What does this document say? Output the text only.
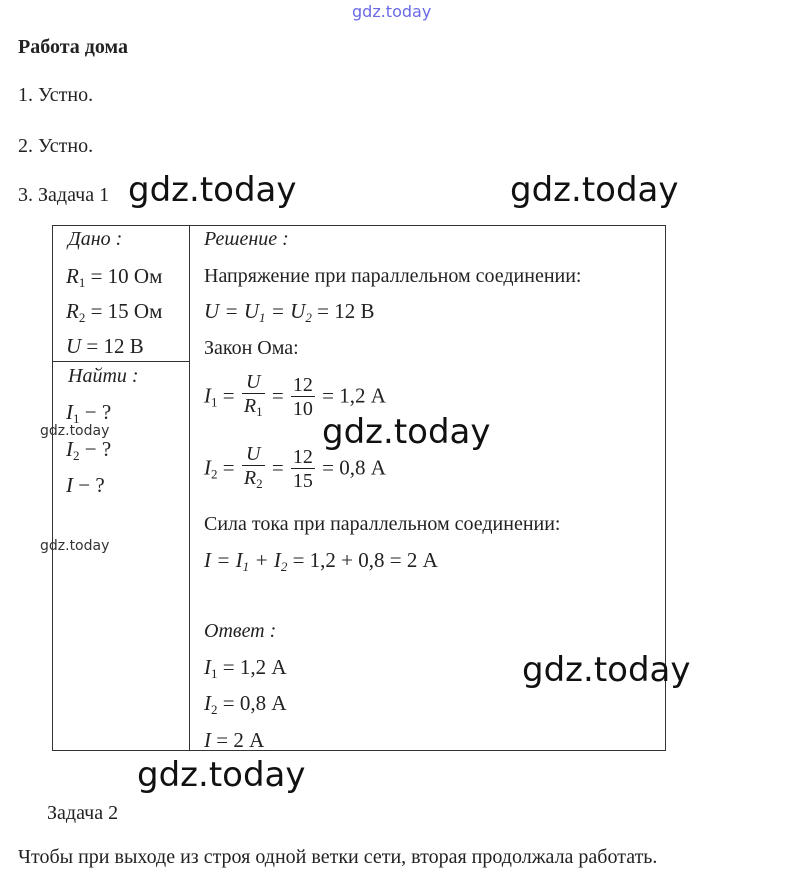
gdz.today
Работа дома
1. Устно.
2. Устно.
3. Задача 1 gdz.today	gdz.today
Дано :
$R_1 = 10$ Ом
$R_2 = 15$ Ом
U = 12 В
Найти :
$I_1$ − ?
$I_2$ − ?
I − ?
gdz.today
gdz.today
Решение :
Напряжение при параллельном соединении:
$U = U_1 = U_2 = 12$ В
Закон Ома:
$I_1 = \frac{U}{R_1} = \frac{12}{10} = 1,2$ А
gdz.today
$I_2 = \frac{U}{R_2} = \frac{12}{15} = 0,8$ А
Сила тока при параллельном соединении:
$I = I_1 + I_2 = 1,2 + 0,8 = 2$ А
Ответ :
$I_1 = 1,2$ А
$I_2 = 0,8$ А
I = 2 А
gdz.today
gdz.today
Задача 2
Чтобы при выходе из строя одной ветки сети, вторая продолжала работать.
